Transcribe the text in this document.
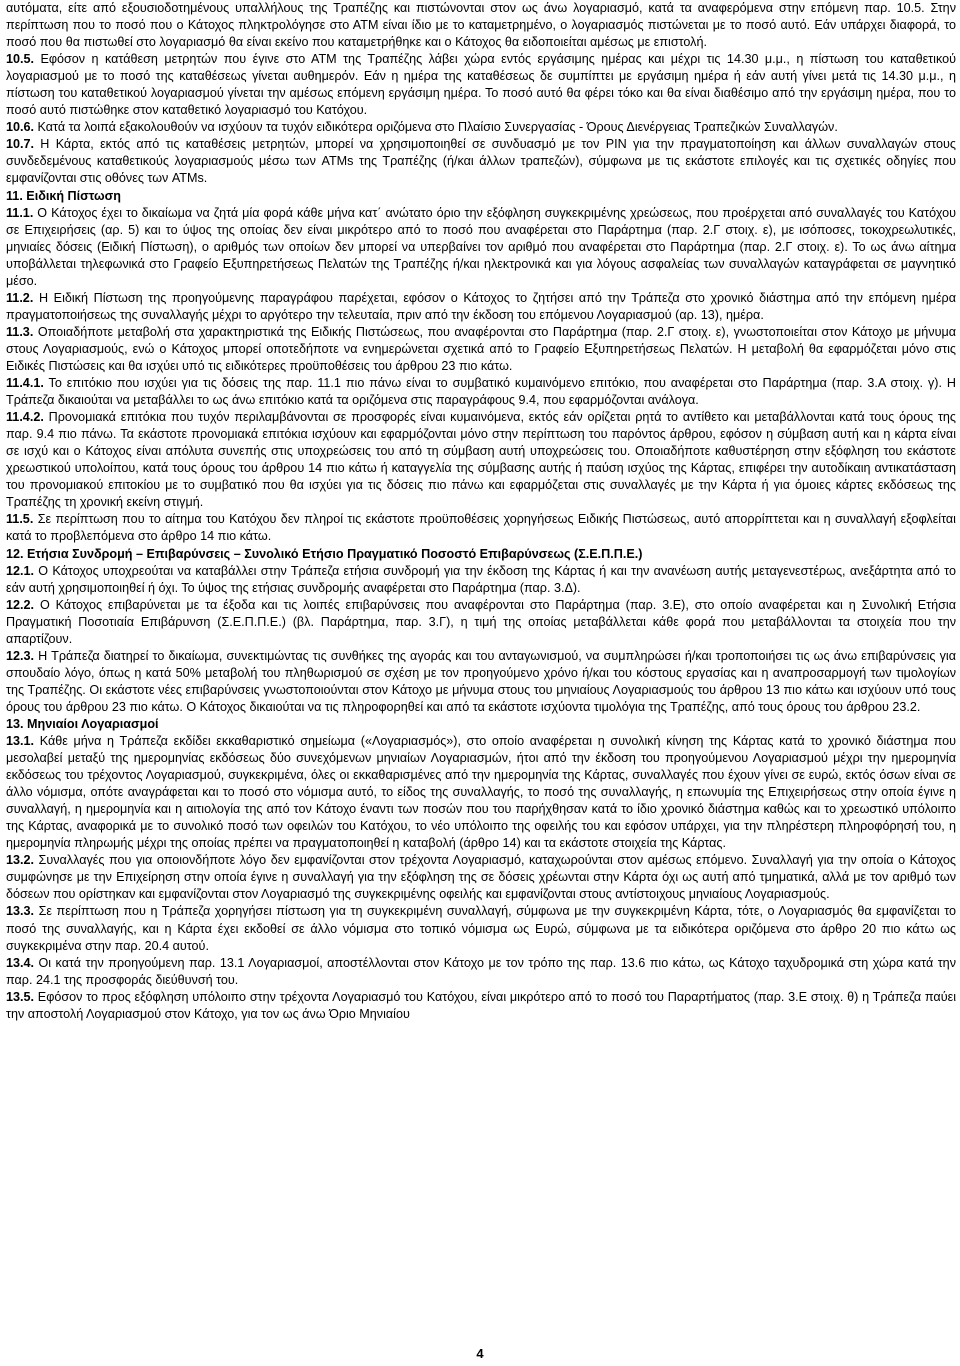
αυτόματα, είτε από εξουσιοδοτημένους υπαλλήλους της Τραπέζης και πιστώνονται στον ως άνω λογαριασμό, κατά τα αναφερόμενα στην επόμενη παρ. 10.5. Στην περίπτωση που το ποσό που ο Κάτοχος πληκτρολόγησε στο ΑΤΜ είναι ίδιο με το καταμετρημένο, ο λογαριασμός πιστώνεται με το ποσό αυτό. Εάν υπάρχει διαφορά, το ποσό που θα πιστωθεί στο λογαριασμό θα είναι εκείνο που καταμετρήθηκε και ο Κάτοχος θα ειδοποιείται αμέσως με επιστολή.

10.5. Εφόσον η κατάθεση μετρητών που έγινε στο ΑΤΜ της Τραπέζης λάβει χώρα εντός εργάσιμης ημέρας και μέχρι τις 14.30 μ.μ., η πίστωση του καταθετικού λογαριασμού με το ποσό της καταθέσεως γίνεται αυθημερόν. Εάν η ημέρα της καταθέσεως δε συμπίπτει με εργάσιμη ημέρα ή εάν αυτή γίνει μετά τις 14.30 μ.μ., η πίστωση του καταθετικού λογαριασμού γίνεται την αμέσως επόμενη εργάσιμη ημέρα. Το ποσό αυτό θα φέρει τόκο και θα είναι διαθέσιμο από την εργάσιμη ημέρα, που το ποσό αυτό πιστώθηκε στον καταθετικό λογαριασμό του Κατόχου.

10.6. Κατά τα λοιπά εξακολουθούν να ισχύουν τα τυχόν ειδικότερα οριζόμενα στο Πλαίσιο Συνεργασίας - Όρους Διενέργειας Τραπεζικών Συναλλαγών.

10.7. Η Κάρτα, εκτός από τις καταθέσεις μετρητών, μπορεί να χρησιμοποιηθεί σε συνδυασμό με τον PIN για την πραγματοποίηση και άλλων συναλλαγών στους συνδεδεμένους καταθετικούς λογαριασμούς μέσω των ATMs της Τραπέζης (ή/και άλλων τραπεζών), σύμφωνα με τις εκάστοτε επιλογές και τις σχετικές οδηγίες που εμφανίζονται στις οθόνες των ATMs.

11. Ειδική Πίστωση

11.1. Ο Κάτοχος έχει το δικαίωμα να ζητά μία φορά κάθε μήνα κατ΄ ανώτατο όριο την εξόφληση συγκεκριμένης χρεώσεως, που προέρχεται από συναλλαγές του Κατόχου σε Επιχειρήσεις (αρ. 5) και το ύψος της οποίας δεν είναι μικρότερο από το ποσό που αναφέρεται στο Παράρτημα (παρ. 2.Γ στοιχ. ε), με ισόποσες, τοκοχρεωλυτικές, μηνιαίες δόσεις (Ειδική Πίστωση), ο αριθμός των οποίων δεν μπορεί να υπερβαίνει τον αριθμό που αναφέρεται στο Παράρτημα (παρ. 2.Γ στοιχ. ε). Το ως άνω αίτημα υποβάλλεται τηλεφωνικά στο Γραφείο Εξυπηρετήσεως Πελατών της Τραπέζης ή/και ηλεκτρονικά και για λόγους ασφαλείας των συναλλαγών καταγράφεται σε μαγνητικό μέσο.

11.2. Η Ειδική Πίστωση της προηγούμενης παραγράφου παρέχεται, εφόσον ο Κάτοχος το ζητήσει από την Τράπεζα στο χρονικό διάστημα από την επόμενη ημέρα πραγματοποιήσεως της συναλλαγής μέχρι το αργότερο την τελευταία, πριν από την έκδοση του επόμενου Λογαριασμού (αρ. 13), ημέρα.

11.3. Οποιαδήποτε μεταβολή στα χαρακτηριστικά της Ειδικής Πιστώσεως, που αναφέρονται στο Παράρτημα (παρ. 2.Γ στοιχ. ε), γνωστοποιείται στον Κάτοχο με μήνυμα στους Λογαριασμούς, ενώ ο Κάτοχος μπορεί οποτεδήποτε να ενημερώνεται σχετικά από το Γραφείο Εξυπηρετήσεως Πελατών. Η μεταβολή θα εφαρμόζεται μόνο στις Ειδικές Πιστώσεις και θα ισχύει υπό τις ειδικότερες προϋποθέσεις του άρθρου 23 πιο κάτω.

11.4.1. Το επιτόκιο που ισχύει για τις δόσεις της παρ. 11.1 πιο πάνω είναι το συμβατικό κυμαινόμενο επιτόκιο, που αναφέρεται στο Παράρτημα (παρ. 3.Α στοιχ. γ). Η Τράπεζα δικαιούται να μεταβάλλει το ως άνω επιτόκιο κατά τα οριζόμενα στις παραγράφους 9.4, που εφαρμόζονται ανάλογα.

11.4.2. Προνομιακά επιτόκια που τυχόν περιλαμβάνονται σε προσφορές είναι κυμαινόμενα, εκτός εάν ορίζεται ρητά το αντίθετο και μεταβάλλονται κατά τους όρους της παρ. 9.4 πιο πάνω. Τα εκάστοτε προνομιακά επιτόκια ισχύουν και εφαρμόζονται μόνο στην περίπτωση του παρόντος άρθρου, εφόσον η σύμβαση αυτή και η κάρτα είναι σε ισχύ και ο Κάτοχος είναι απόλυτα συνεπής στις υποχρεώσεις του από τη σύμβαση αυτή υποχρεώσεις του. Οποιαδήποτε καθυστέρηση στην εξόφληση του εκάστοτε χρεωστικού υπολοίπου, κατά τους όρους του άρθρου 14 πιο κάτω ή καταγγελία της σύμβασης αυτής ή παύση ισχύος της Κάρτας, επιφέρει την αυτοδίκαιη αντικατάσταση του προνομιακού επιτοκίου με το συμβατικό που θα ισχύει για τις δόσεις πιο πάνω και εφαρμόζεται στις συναλλαγές με την Κάρτα ή για όμοιες κάρτες εκδόσεως της Τραπέζης τη χρονική εκείνη στιγμή.

11.5. Σε περίπτωση που το αίτημα του Κατόχου δεν πληροί τις εκάστοτε προϋποθέσεις χορηγήσεως Ειδικής Πιστώσεως, αυτό απορρίπτεται και η συναλλαγή εξοφλείται κατά το προβλεπόμενα στο άρθρο 14 πιο κάτω.

12. Ετήσια Συνδρομή – Επιβαρύνσεις – Συνολικό Ετήσιο Πραγματικό Ποσοστό Επιβαρύνσεως (Σ.Ε.Π.Π.Ε.)

12.1. Ο Κάτοχος υποχρεούται να καταβάλλει στην Τράπεζα ετήσια συνδρομή για την έκδοση της Κάρτας ή και την ανανέωση αυτής μεταγενεστέρως, ανεξάρτητα από το εάν αυτή χρησιμοποιηθεί ή όχι. Το ύψος της ετήσιας συνδρομής αναφέρεται στο Παράρτημα (παρ. 3.Δ).

12.2. Ο Κάτοχος επιβαρύνεται με τα έξοδα και τις λοιπές επιβαρύνσεις που αναφέρονται στο Παράρτημα (παρ. 3.Ε), στο οποίο αναφέρεται και η Συνολική Ετήσια Πραγματική Ποσοτιαία Επιβάρυνση (Σ.Ε.Π.Π.Ε.) (βλ. Παράρτημα, παρ. 3.Γ), η τιμή της οποίας μεταβάλλεται κάθε φορά που μεταβάλλονται τα στοιχεία που την απαρτίζουν.

12.3. Η Τράπεζα διατηρεί το δικαίωμα, συνεκτιμώντας τις συνθήκες της αγοράς και του ανταγωνισμού, να συμπληρώσει ή/και τροποποιήσει τις ως άνω επιβαρύνσεις για σπουδαίο λόγο, όπως η κατά 50% μεταβολή του πληθωρισμού σε σχέση με τον προηγούμενο χρόνο ή/και του κόστους εργασίας και η αναπροσαρμογή των τιμολογίων της Τραπέζης. Οι εκάστοτε νέες επιβαρύνσεις γνωστοποιούνται στον Κάτοχο με μήνυμα στους του μηνιαίους Λογαριασμούς του άρθρου 13 πιο κάτω και ισχύουν υπό τους όρους του άρθρου 23 πιο κάτω. Ο Κάτοχος δικαιούται να τις πληροφορηθεί και από τα εκάστοτε ισχύοντα τιμολόγια της Τραπέζης, από τους όρους του άρθρου 23.2.

13. Μηνιαίοι Λογαριασμοί

13.1. Κάθε μήνα η Τράπεζα εκδίδει εκκαθαριστικό σημείωμα («Λογαριασμός»), στο οποίο αναφέρεται η συνολική κίνηση της Κάρτας κατά το χρονικό διάστημα που μεσολαβεί μεταξύ της ημερομηνίας εκδόσεως δύο συνεχόμενων μηνιαίων Λογαριασμών, ήτοι από την έκδοση του προηγούμενου Λογαριασμού μέχρι την ημερομηνία εκδόσεως του τρέχοντος Λογαριασμού, συγκεκριμένα, όλες οι εκκαθαρισμένες από την ημερομηνία της Κάρτας, συναλλαγές που έχουν γίνει σε ευρώ, εκτός όσων είναι σε άλλο νόμισμα, οπότε αναγράφεται και το ποσό στο νόμισμα αυτό, το είδος της συναλλαγής, το ποσό της συναλλαγής, η επωνυμία της Επιχειρήσεως στην οποία έγινε η συναλλαγή, η ημερομηνία και η αιτιολογία της από τον Κάτοχο έναντι των ποσών που του παρήχθησαν κατά το ίδιο χρονικό διάστημα καθώς και το χρεωστικό υπόλοιπο της Κάρτας, αναφορικά με το συνολικό ποσό των οφειλών του Κατόχου, το νέο υπόλοιπο της οφειλής του και εφόσον υπάρχει, για την πληρέστερη πληροφόρησή του, η ημερομηνία πληρωμής μέχρι της οποίας πρέπει να πραγματοποιηθεί η καταβολή (άρθρο 14) και τα εκάστοτε στοιχεία της Κάρτας.

13.2. Συναλλαγές που για οποιονδήποτε λόγο δεν εμφανίζονται στον τρέχοντα Λογαριασμό, καταχωρούνται στον αμέσως επόμενο. Συναλλαγή για την οποία ο Κάτοχος συμφώνησε με την Επιχείρηση στην οποία έγινε η συναλλαγή για την εξόφληση της σε δόσεις χρέωνται στην Κάρτα όχι ως αυτή από τμηματικά, αλλά με τον αριθμό των δόσεων που ορίστηκαν και εμφανίζονται στον Λογαριασμό της συγκεκριμένης οφειλής και εμφανίζονται στους αντίστοιχους μηνιαίους Λογαριασμούς.

13.3. Σε περίπτωση που η Τράπεζα χορηγήσει πίστωση για τη συγκεκριμένη συναλλαγή, σύμφωνα με την συγκεκριμένη Κάρτα, τότε, ο Λογαριασμός θα εμφανίζεται το ποσό της συναλλαγής, και η Κάρτα έχει εκδοθεί σε άλλο νόμισμα στο τοπικό νόμισμα ως Ευρώ, σύμφωνα με τα ειδικότερα οριζόμενα στο άρθρο 20 πιο κάτω ως συγκεκριμένα στην παρ. 20.4 αυτού.

13.4. Οι κατά την προηγούμενη παρ. 13.1 Λογαριασμοί, αποστέλλονται στον Κάτοχο με τον τρόπο της παρ. 13.6 πιο κάτω, ως Κάτοχο ταχυδρομικά στη χώρα κατά την παρ. 24.1 της προσφοράς διεύθυνσή του.

13.5. Εφόσον το προς εξόφληση υπόλοιπο στην τρέχοντα Λογαριασμό του Κατόχου, είναι μικρότερο από το ποσό του Παραρτήματος (παρ. 3.Ε στοιχ. θ) η Τράπεζα παύει την αποστολή Λογαριασμού στον Κάτοχο, για τον ως άνω Όριο Μηνιαίου

4
